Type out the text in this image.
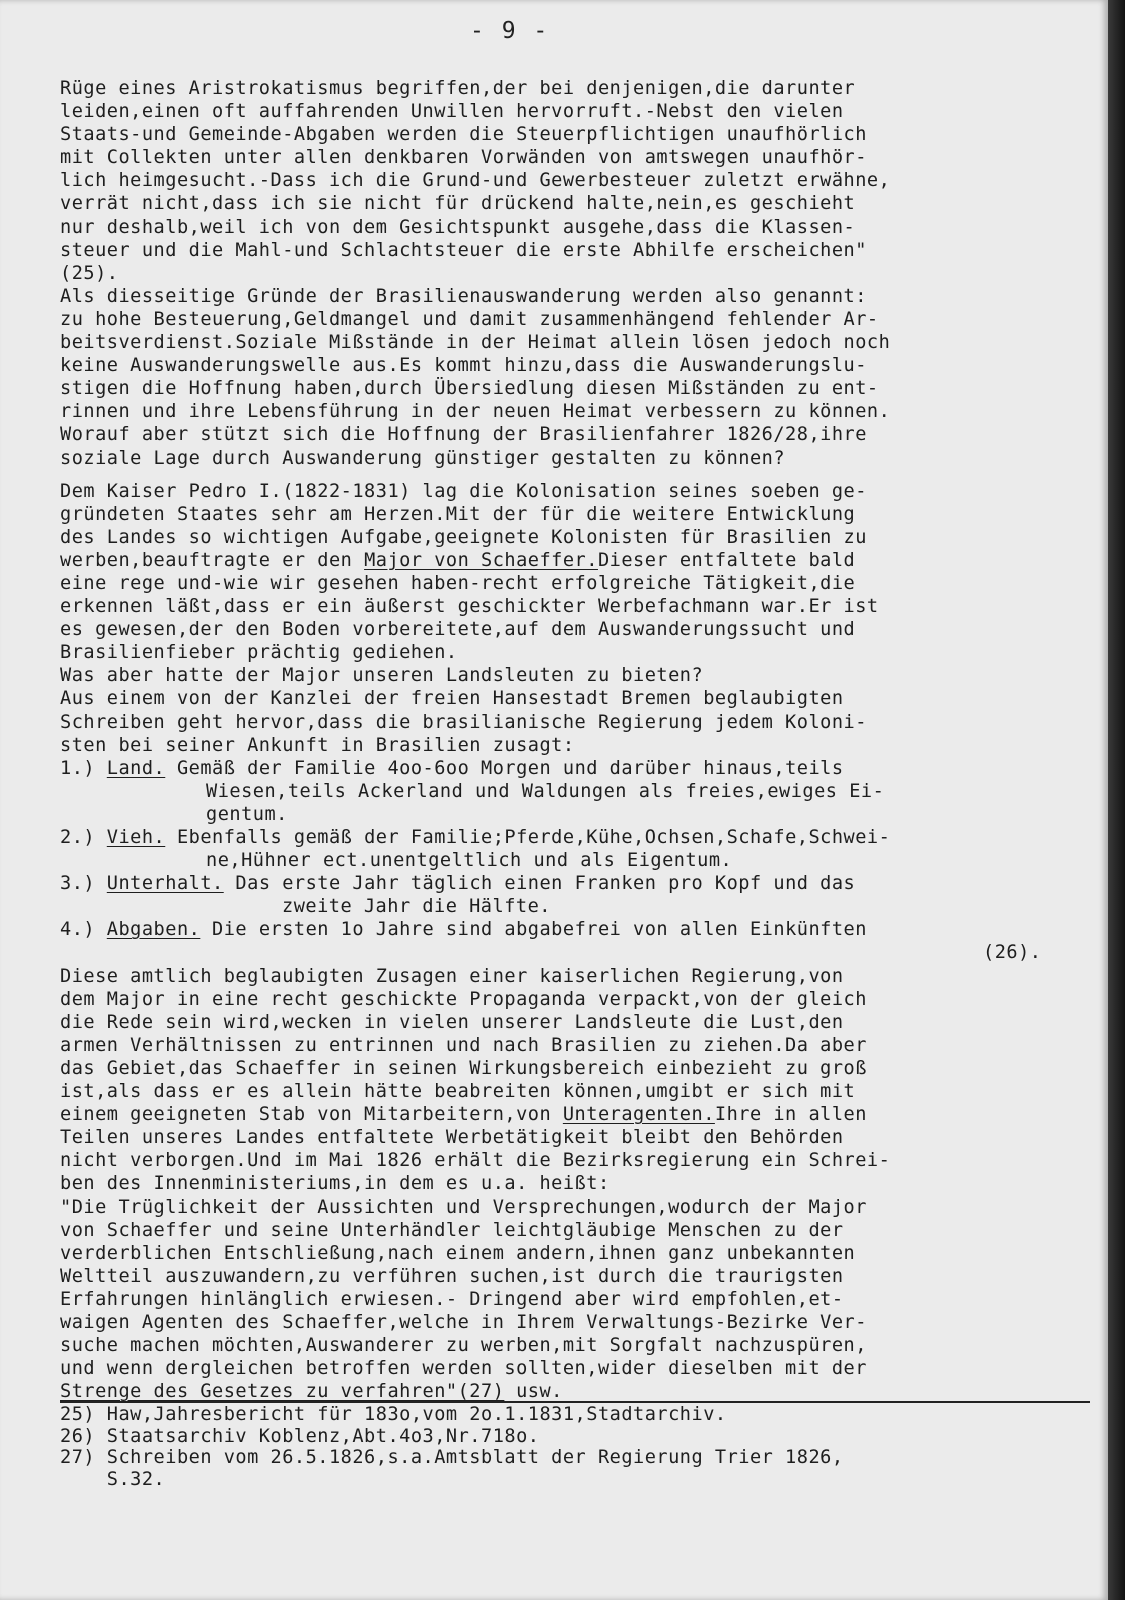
- 9 -
Rüge eines Aristrokatismus begriffen,der bei denjenigen,die darunter
leiden,einen oft auffahrenden Unwillen hervorruft.-Nebst den vielen
Staats-und Gemeinde-Abgaben werden die Steuerpflichtigen unaufhörlich
mit Collekten unter allen denkbaren Vorwänden von amtswegen unaufhör-
lich heimgesucht.-Dass ich die Grund-und Gewerbesteuer zuletzt erwähne,
verrät nicht,dass ich sie nicht für drückend halte,nein,es geschieht
nur deshalb,weil ich von dem Gesichtspunkt ausgehe,dass die Klassen-
steuer und die Mahl-und Schlachtsteuer die erste Abhilfe erscheichen"
(25).
Als diesseitige Gründe der Brasilienauswanderung werden also genannt:
zu hohe Besteuerung,Geldmangel und damit zusammenhängend fehlender Ar-
beitsverdienst.Soziale Mißstände in der Heimat allein lösen jedoch noch
keine Auswanderungswelle aus.Es kommt hinzu,dass die Auswanderungslu-
stigen die Hoffnung haben,durch Übersiedlung diesen Mißständen zu ent-
rinnen und ihre Lebensführung in der neuen Heimat verbessern zu können.
Worauf aber stützt sich die Hoffnung der Brasilienfahrer 1826/28,ihre
soziale Lage durch Auswanderung günstiger gestalten zu können?
Dem Kaiser Pedro I.(1822-1831) lag die Kolonisation seines soeben ge-
gründeten Staates sehr am Herzen.Mit der für die weitere Entwicklung
des Landes so wichtigen Aufgabe,geeignete Kolonisten für Brasilien zu
werben,beauftragte er den Major von Schaeffer.Dieser entfaltete bald
eine rege und-wie wir gesehen haben-recht erfolgreiche Tätigkeit,die
erkennen läßt,dass er ein äußerst geschickter Werbefachmann war.Er ist
es gewesen,der den Boden vorbereitete,auf dem Auswanderungssucht und
Brasilienfieber prächtig gediehen.
Was aber hatte der Major unseren Landsleuten zu bieten?
Aus einem von der Kanzlei der freien Hansestadt Bremen beglaubigten
Schreiben geht hervor,dass die brasilianische Regierung jedem Koloni-
sten bei seiner Ankunft in Brasilien zusagt:
1.) Land. Gemäß der Familie 4oo-6oo Morgen und darüber hinaus,teils
Wiesen,teils Ackerland und Waldungen als freies,ewiges Ei-
gentum.
2.) Vieh. Ebenfalls gemäß der Familie;Pferde,Kühe,Ochsen,Schafe,Schwei-
ne,Hühner ect.unentgeltlich und als Eigentum.
3.) Unterhalt. Das erste Jahr täglich einen Franken pro Kopf und das
zweite Jahr die Hälfte.
4.) Abgaben. Die ersten 1o Jahre sind abgabefrei von allen Einkünften
(26).
Diese amtlich beglaubigten Zusagen einer kaiserlichen Regierung,von
dem Major in eine recht geschickte Propaganda verpackt,von der gleich
die Rede sein wird,wecken in vielen unserer Landsleute die Lust,den
armen Verhältnissen zu entrinnen und nach Brasilien zu ziehen.Da aber
das Gebiet,das Schaeffer in seinen Wirkungsbereich einbezieht zu groß
ist,als dass er es allein hätte beabreiten können,umgibt er sich mit
einem geeigneten Stab von Mitarbeitern,von Unteragenten.Ihre in allen
Teilen unseres Landes entfaltete Werbetätigkeit bleibt den Behörden
nicht verborgen.Und im Mai 1826 erhält die Bezirksregierung ein Schrei-
ben des Innenministeriums,in dem es u.a. heißt:
"Die Trüglichkeit der Aussichten und Versprechungen,wodurch der Major
von Schaeffer und seine Unterhändler leichtgläubige Menschen zu der
verderblichen Entschließung,nach einem andern,ihnen ganz unbekannten
Weltteil auszuwandern,zu verführen suchen,ist durch die traurigsten
Erfahrungen hinlänglich erwiesen.- Dringend aber wird empfohlen,et-
waigen Agenten des Schaeffer,welche in Ihrem Verwaltungs-Bezirke Ver-
suche machen möchten,Auswanderer zu werben,mit Sorgfalt nachzuspüren,
und wenn dergleichen betroffen werden sollten,wider dieselben mit der
Strenge des Gesetzes zu verfahren"(27) usw.
25) Haw,Jahresbericht für 183o,vom 2o.1.1831,Stadtarchiv.
26) Staatsarchiv Koblenz,Abt.4o3,Nr.718o.
27) Schreiben vom 26.5.1826,s.a.Amtsblatt der Regierung Trier 1826,
S.32.
